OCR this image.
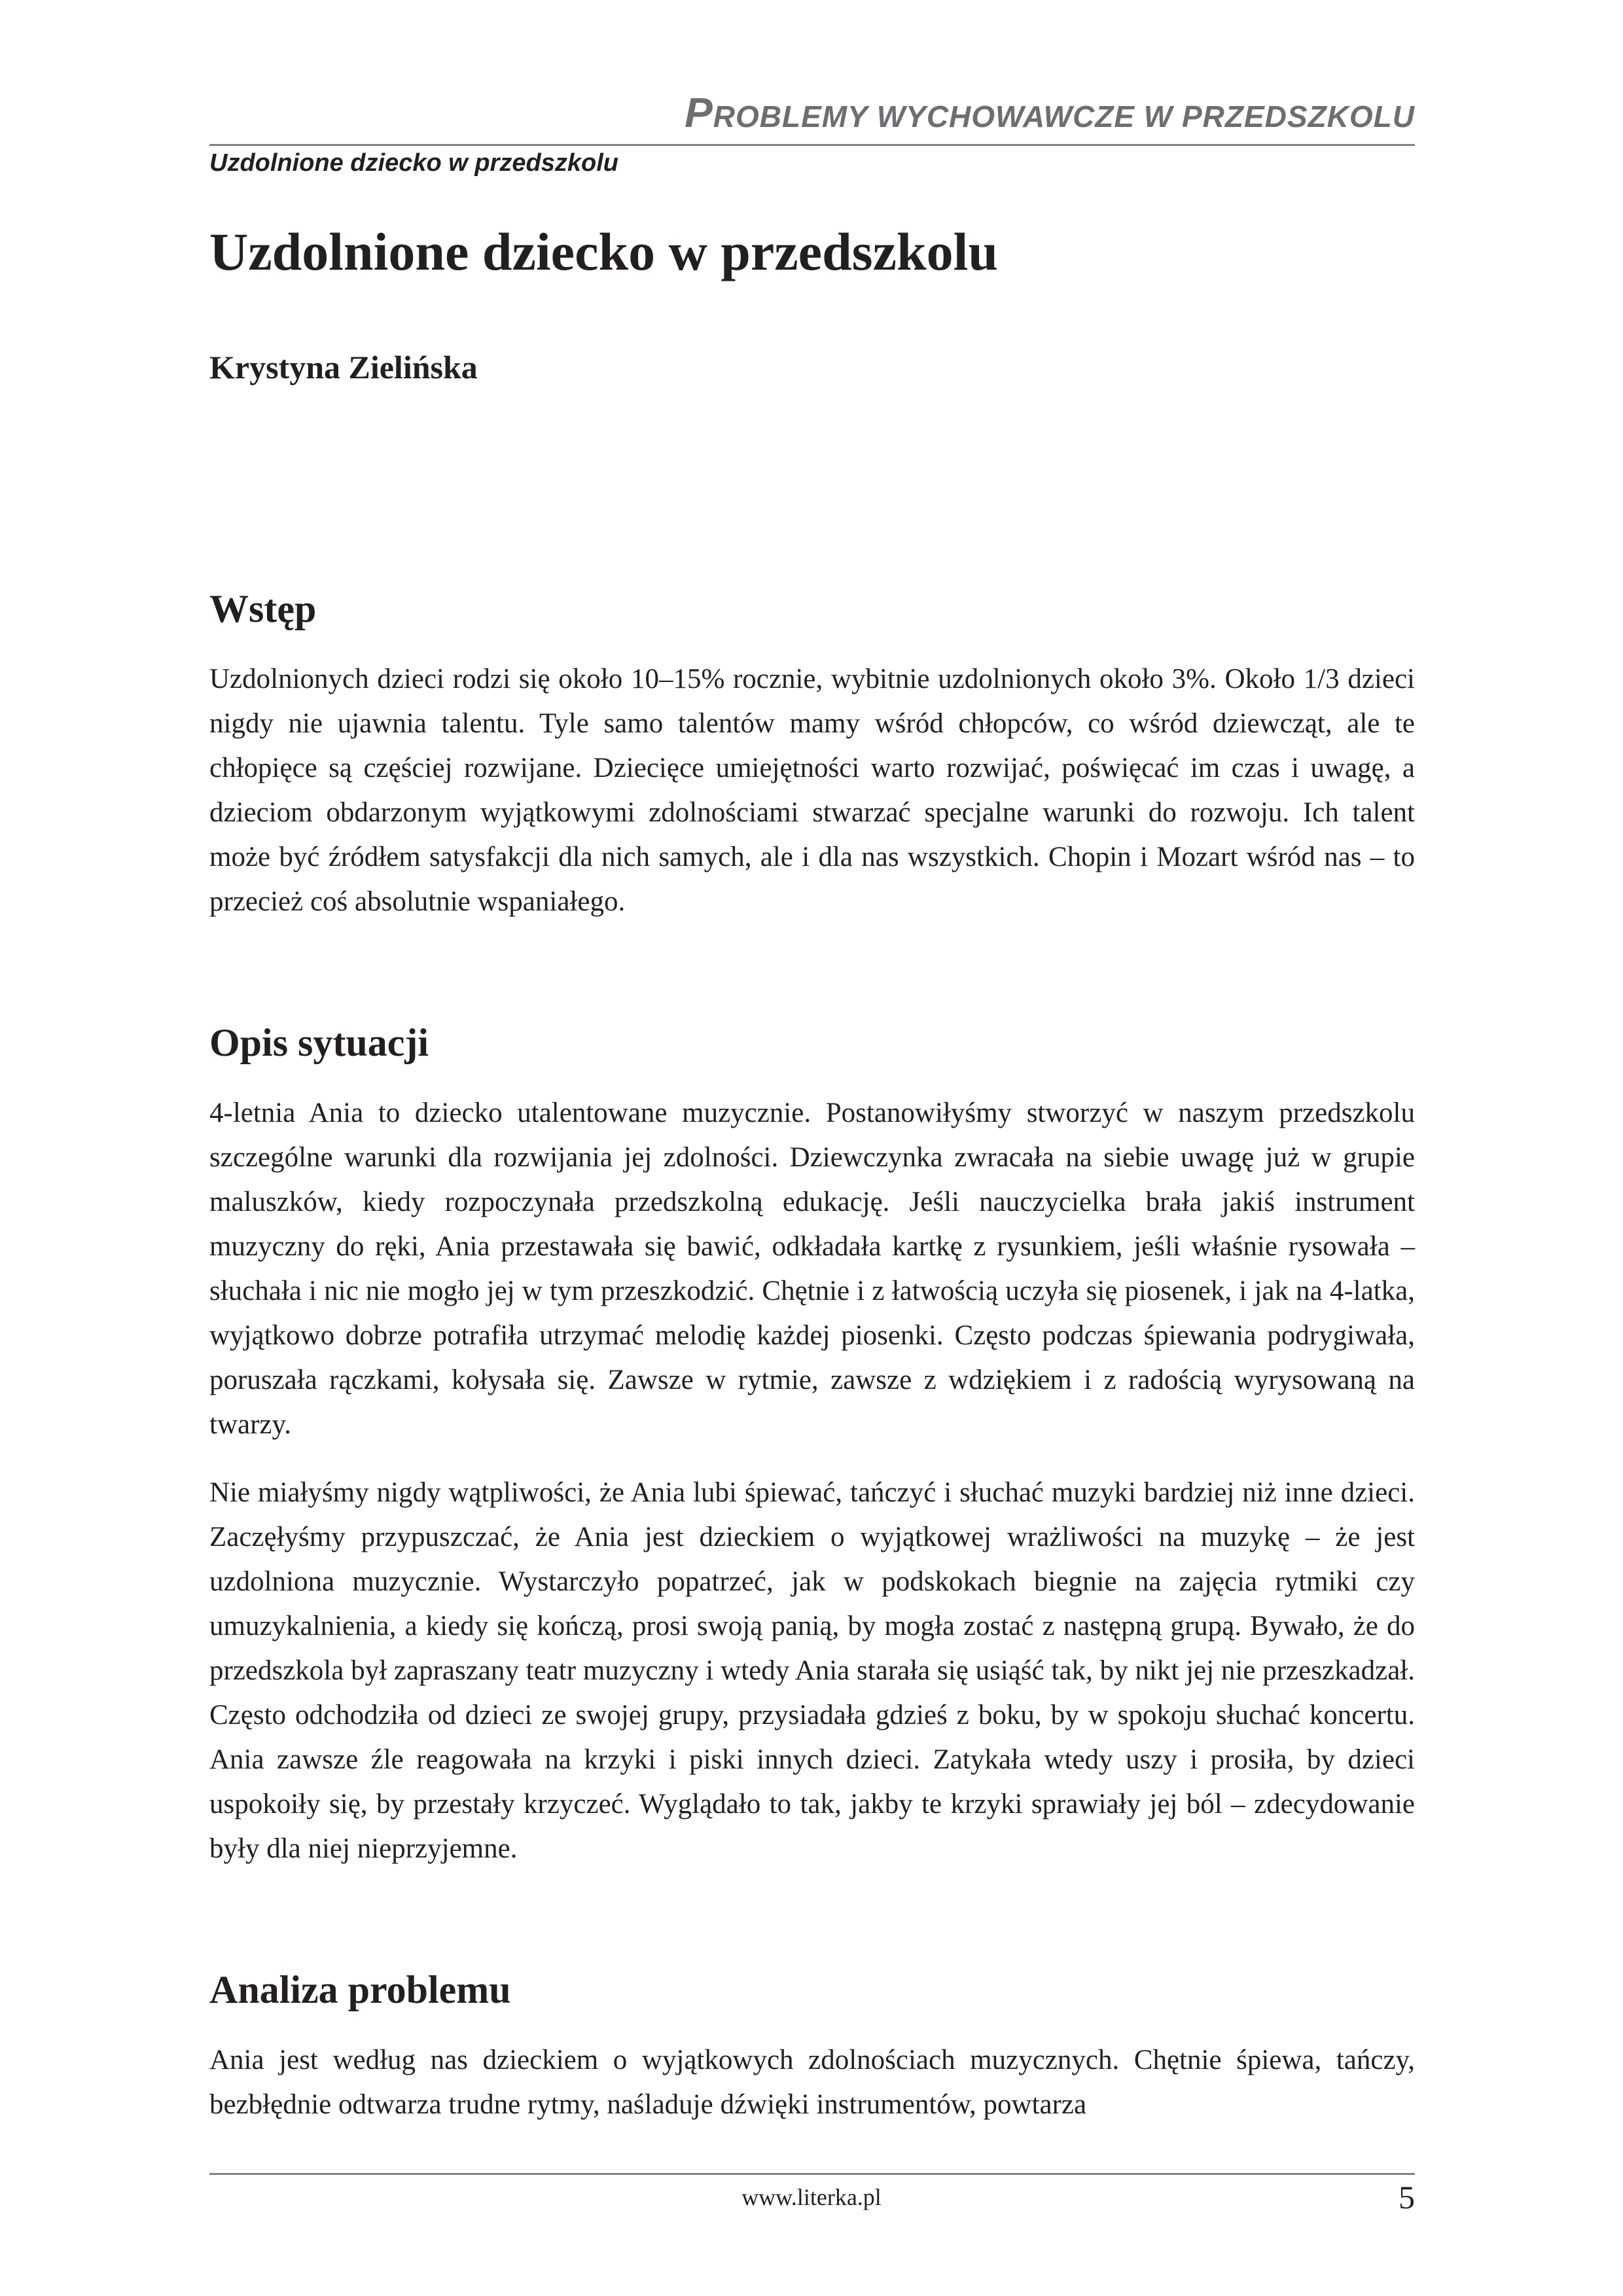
PROBLEMY WYCHOWAWCZE W PRZEDSZKOLU
Uzdolnione dziecko w przedszkolu
Uzdolnione dziecko w przedszkolu
Krystyna Zielińska
Wstęp

Uzdolnionych dzieci rodzi się około 10–15% rocznie, wybitnie uzdolnionych około 3%. Około 1/3 dzieci nigdy nie ujawnia talentu. Tyle samo talentów mamy wśród chłopców, co wśród dziewcząt, ale te chłopięce są częściej rozwijane. Dziecięce umiejętności warto rozwijać, poświęcać im czas i uwagę, a dzieciom obdarzonym wyjątkowymi zdolnościami stwarzać specjalne warunki do rozwoju. Ich talent może być źródłem satysfakcji dla nich samych, ale i dla nas wszystkich. Chopin i Mozart wśród nas – to przecież coś absolutnie wspaniałego.

Opis sytuacji

4-letnia Ania to dziecko utalentowane muzycznie. Postanowiłyśmy stworzyć w naszym przedszkolu szczególne warunki dla rozwijania jej zdolności. Dziewczynka zwracała na siebie uwagę już w grupie maluszków, kiedy rozpoczynała przedszkolną edukację. Jeśli nauczycielka brała jakiś instrument muzyczny do ręki, Ania przestawała się bawić, odkładała kartkę z rysunkiem, jeśli właśnie rysowała – słuchała i nic nie mogło jej w tym przeszkodzić. Chętnie i z łatwością uczyła się piosenek, i jak na 4-latka, wyjątkowo dobrze potrafiła utrzymać melodię każdej piosenki. Często podczas śpiewania podrygiwała, poruszała rączkami, kołysała się. Zawsze w rytmie, zawsze z wdziękiem i z radością wyrysowaną na twarzy.

Nie miałyśmy nigdy wątpliwości, że Ania lubi śpiewać, tańczyć i słuchać muzyki bardziej niż inne dzieci. Zaczęłyśmy przypuszczać, że Ania jest dzieckiem o wyjątkowej wrażliwości na muzykę – że jest uzdolniona muzycznie. Wystarczyło popatrzeć, jak w podskokach biegnie na zajęcia rytmiki czy umuzykalnienia, a kiedy się kończą, prosi swoją panią, by mogła zostać z następną grupą. Bywało, że do przedszkola był zapraszany teatr muzyczny i wtedy Ania starała się usiąść tak, by nikt jej nie przeszkadzał. Często odchodziła od dzieci ze swojej grupy, przysiadała gdzieś z boku, by w spokoju słuchać koncertu. Ania zawsze źle reagowała na krzyki i piski innych dzieci. Zatykała wtedy uszy i prosiła, by dzieci uspokoiły się, by przestały krzyczeć. Wyglądało to tak, jakby te krzyki sprawiały jej ból – zdecydowanie były dla niej nieprzyjemne.

Analiza problemu

Ania jest według nas dzieckiem o wyjątkowych zdolnościach muzycznych. Chętnie śpiewa, tańczy, bezbłędnie odtwarza trudne rytmy, naśladuje dźwięki instrumentów, powtarza

www.literka.pl	5
